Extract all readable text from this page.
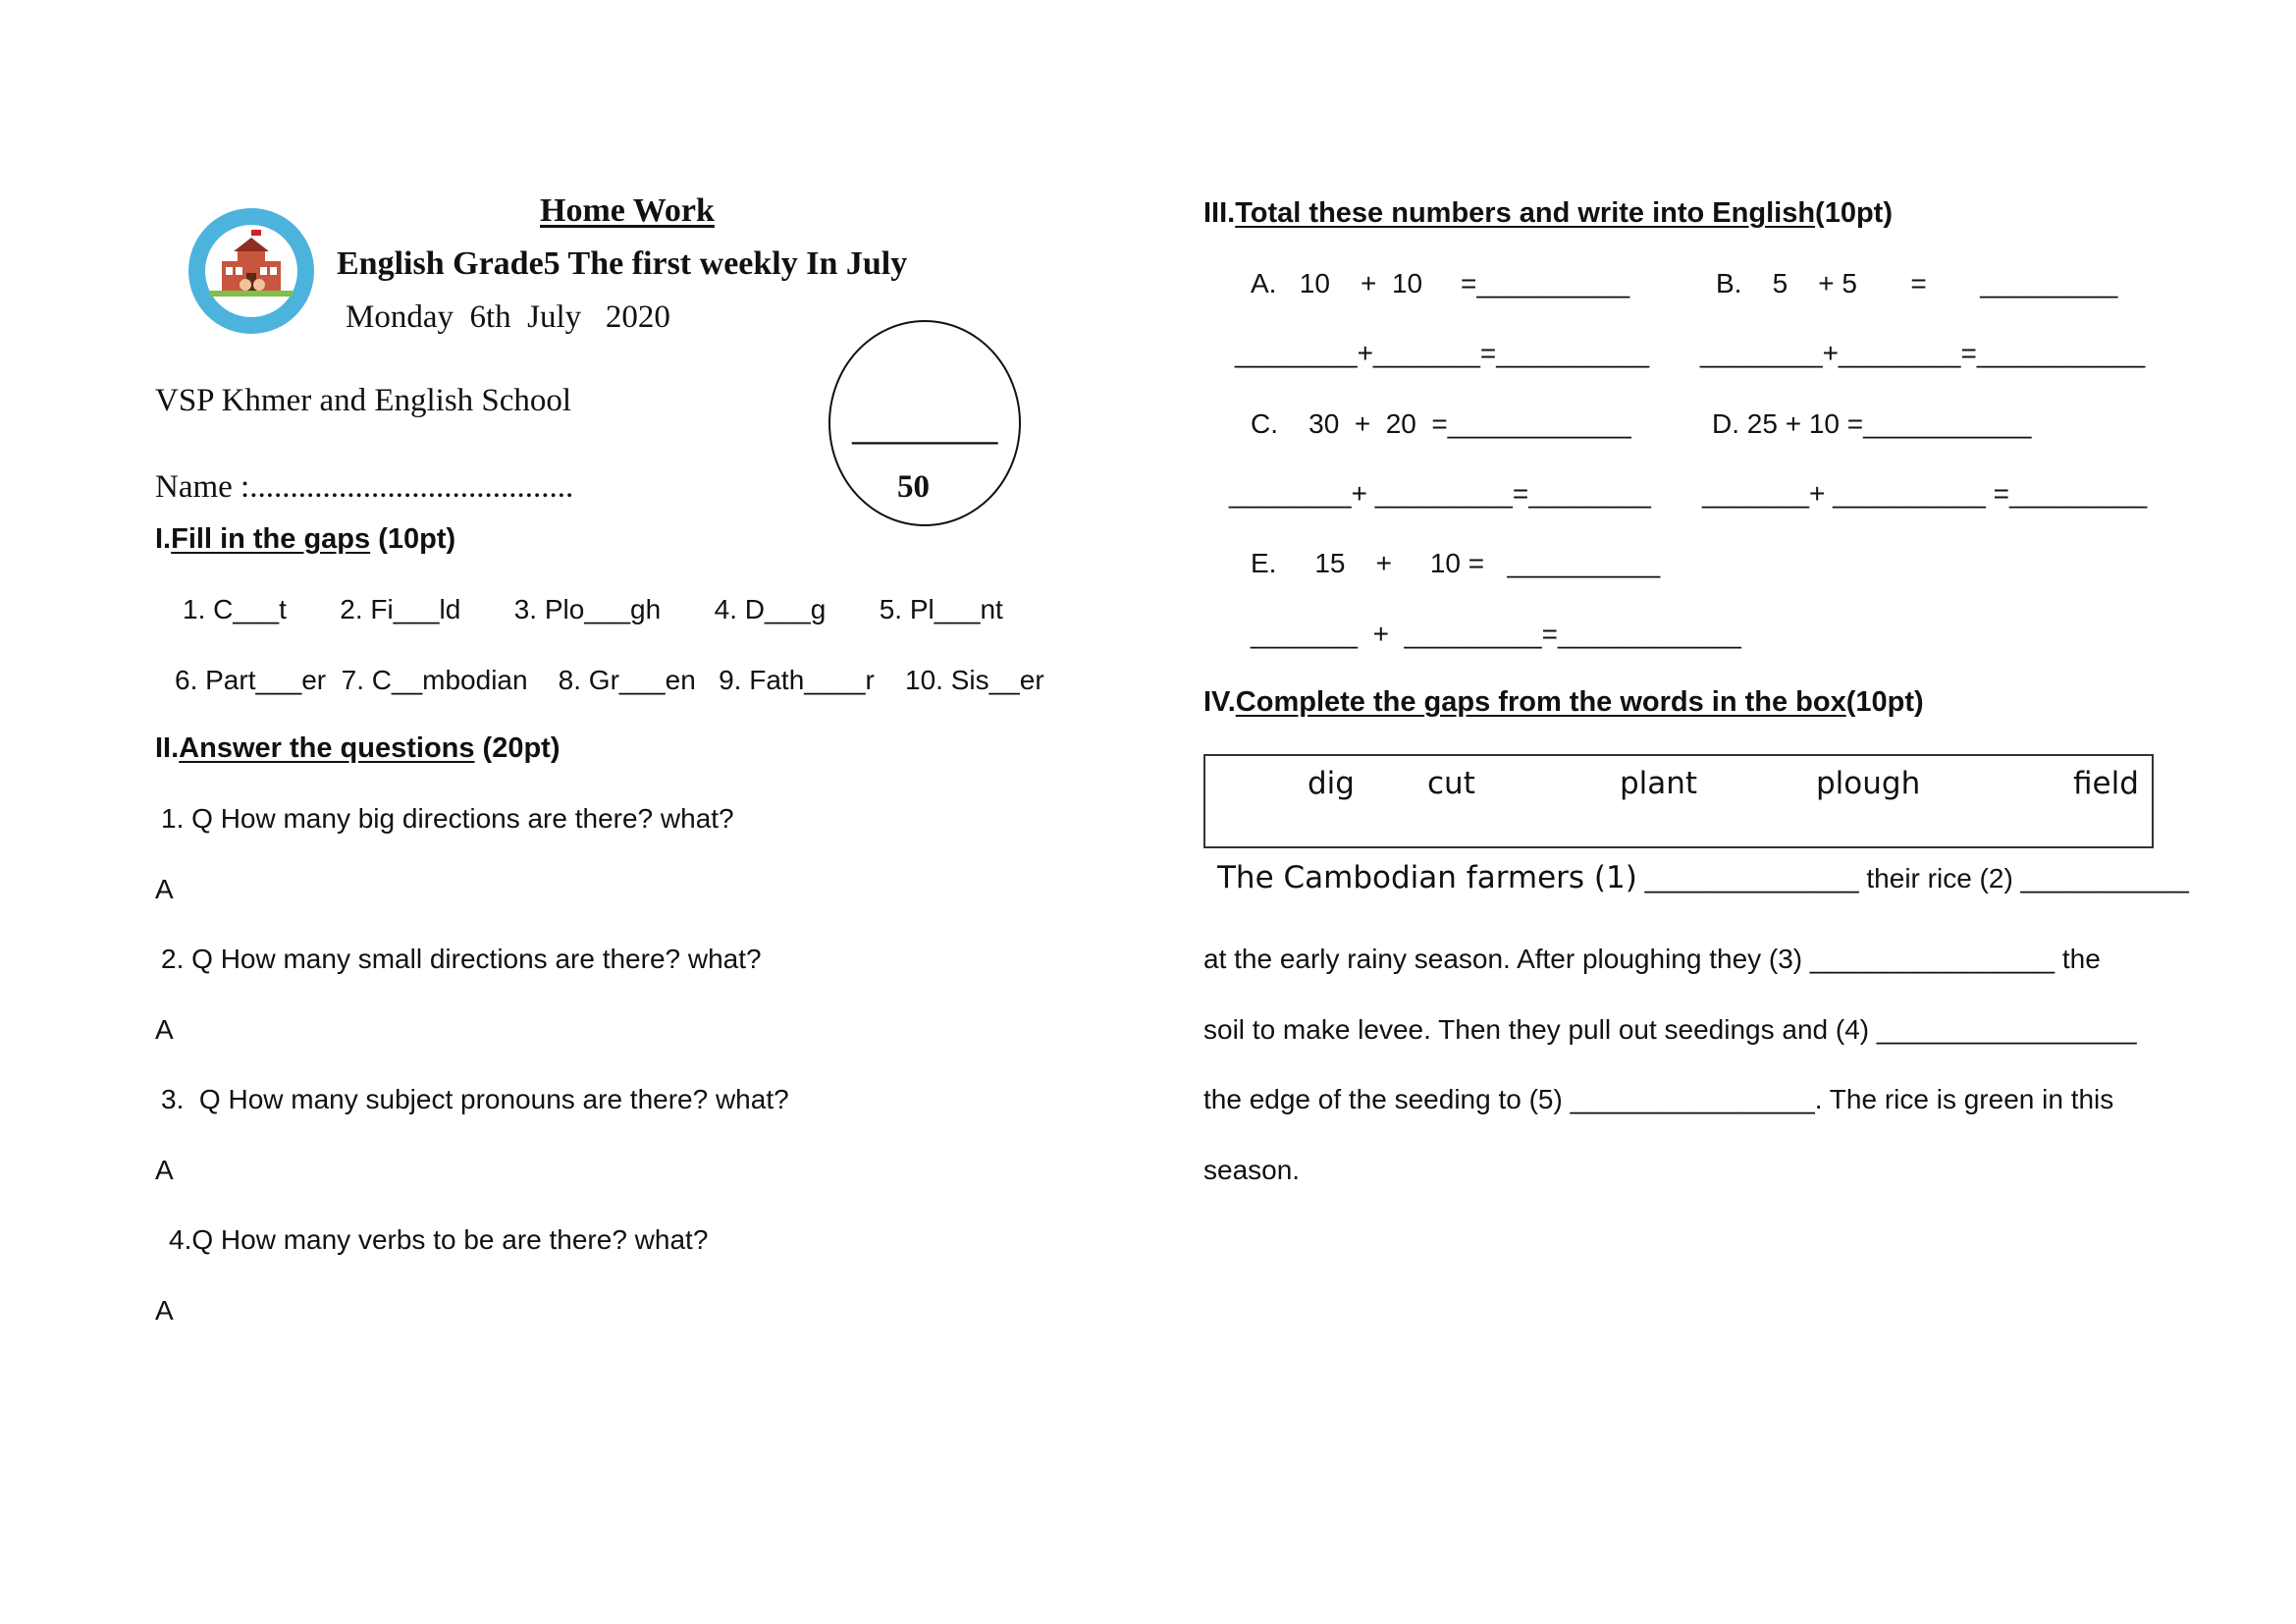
Home Work
English Grade5 The first weekly In July
Monday  6th  July   2020
VSP Khmer and English School
Name :........................................
_________
50
I.Fill in the gaps (10pt)
1. C___t       2. Fi___ld       3. Plo___gh       4. D___g       5. Pl___nt
6. Part___er  7. C__mbodian    8. Gr___en   9. Fath____r    10. Sis__er
II.Answer the questions (20pt)
1. Q How many big directions are there? what?
A
2. Q How many small directions are there? what?
A
3.  Q How many subject pronouns are there? what?
A
4.Q How many verbs to be are there? what?
A
III.Total these numbers and write into English(10pt)
A.   10    +  10     =__________	B.    5    + 5       =       _________
________+_______=__________ ________+________=___________
C.    30  +  20  =____________	D. 25 + 10 =___________
________+ _________=________ _______+ __________ =_________
E.     15    +     10 =   __________
_______  +  _________=____________
IV.Complete the gaps from the words in the box(10pt)
dig cut	plant	plough	field
The Cambodian farmers (1) ______________ their rice (2) ___________
at the early rainy season. After ploughing they (3) ________________ the
soil to make levee. Then they pull out seedings and (4) _________________
the edge of the seeding to (5) ________________. The rice is green in this
season.
